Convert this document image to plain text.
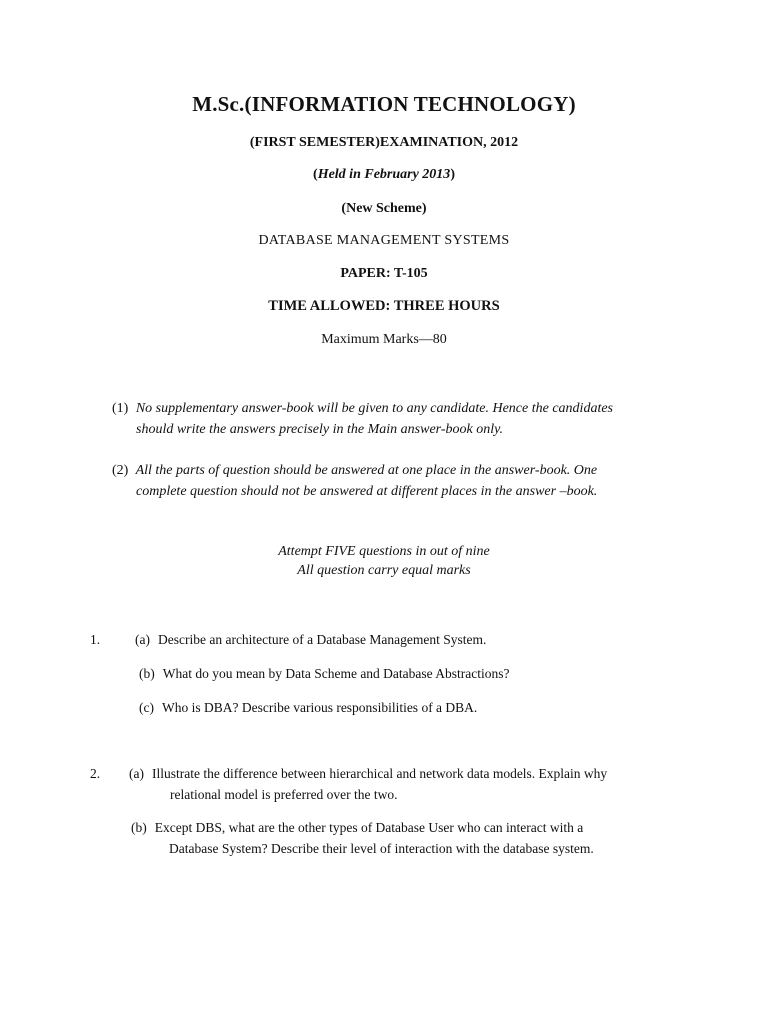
M.Sc.(INFORMATION TECHNOLOGY)

(FIRST SEMESTER)EXAMINATION, 2012

(Held in February 2013)

(New Scheme)

DATABASE MANAGEMENT SYSTEMS

PAPER: T-105

TIME ALLOWED: THREE HOURS

Maximum Marks—80

(1) No supplementary answer-book will be given to any candidate. Hence the candidates
should write the answers precisely in the Main answer-book only.
(2) All the parts of question should be answered at one place in the answer-book. One
complete question should not be answered at different places in the answer –book.
Attempt FIVE questions in out of nine
All question carry equal marks
1.	(a) Describe an architecture of a Database Management System.
(b) What do you mean by Data Scheme and Database Abstractions?
(c) Who is DBA? Describe various responsibilities of a DBA.
2. (a) Illustrate the difference between hierarchical and network data models. Explain why
relational model is preferred over the two.
(b) Except DBS, what are the other types of Database User who can interact with a
Database System? Describe their level of interaction with the database system.
